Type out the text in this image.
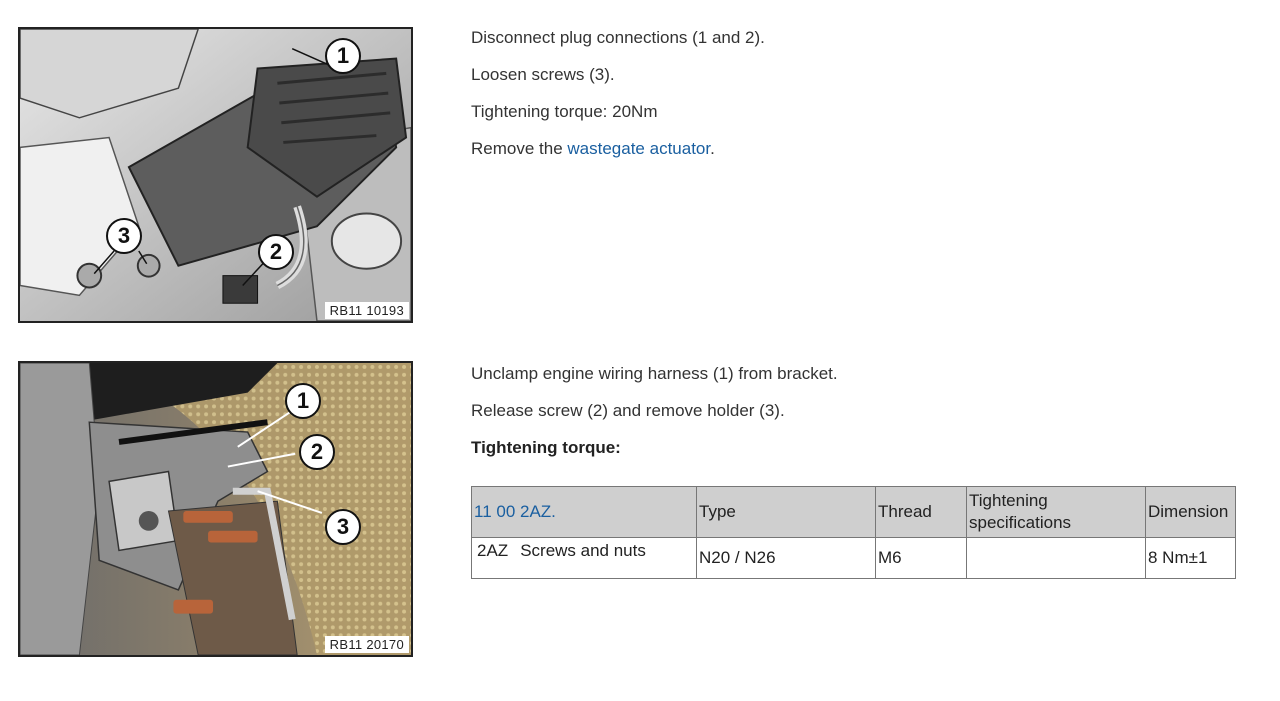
1
2
3
RB11 10193

Disconnect plug connections (1 and 2).

Loosen screws (3).

Tightening torque: 20Nm

Remove the wastegate actuator.

1
2
3
RB11 20170

Unclamp engine wiring harness (1) from bracket.

Release screw (2) and remove holder (3).

Tightening torque:

11 00 2AZ.	Type	Thread	Tightening specifications	Dimension
2AZ Screws and nuts	N20 / N26	M6		8 Nm±1
